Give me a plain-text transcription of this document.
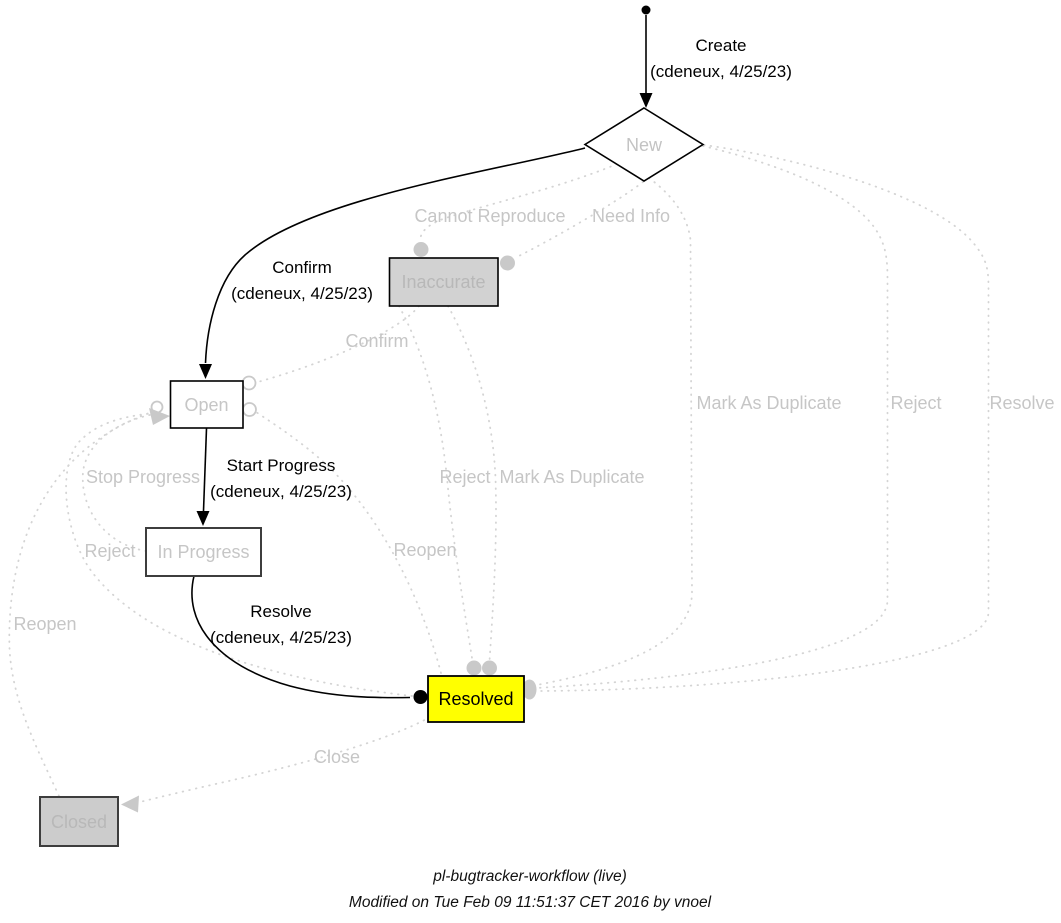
New
Inaccurate
Open
In Progress
Resolved
Closed
Create
(cdeneux, 4/25/23)
Confirm
(cdeneux, 4/25/23)
Start Progress
(cdeneux, 4/25/23)
Resolve
(cdeneux, 4/25/23)
Cannot Reproduce Need Info
Mark As Duplicate	Reject	Resolve
Confirm
Reject Mark As Duplicate
Stop Progress
Reopen
Reject
Reopen
Close
pl-bugtracker-workflow (live)
Modified on Tue Feb 09 11:51:37 CET 2016 by vnoel
